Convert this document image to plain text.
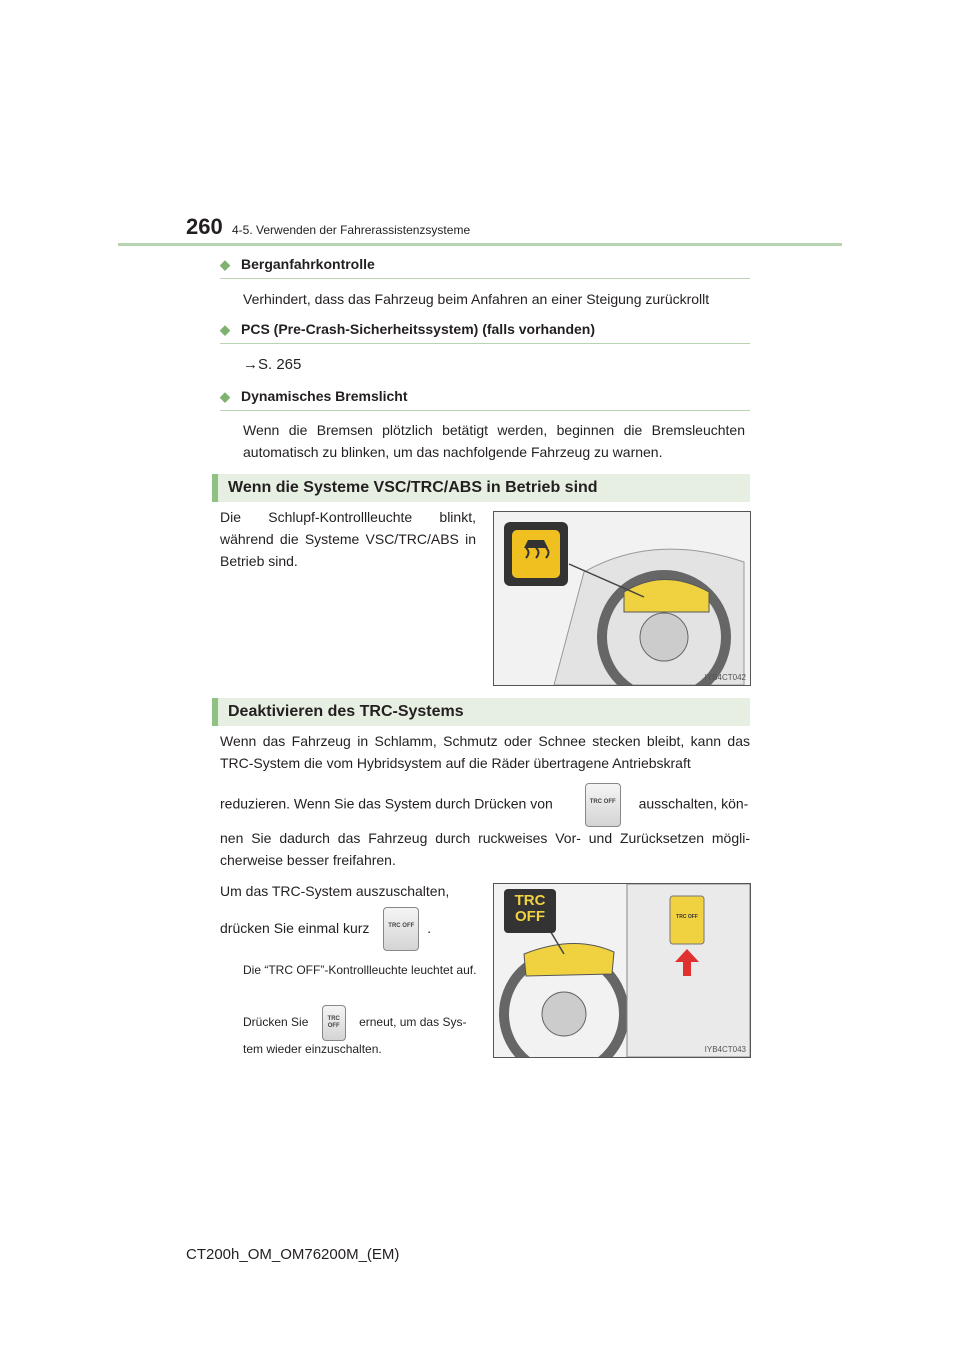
260 4-5. Verwenden der Fahrerassistenzsysteme
◆ Berganfahrkontrolle
Verhindert, dass das Fahrzeug beim Anfahren an einer Steigung zurückrollt
◆ PCS (Pre-Crash-Sicherheitssystem) (falls vorhanden)
→S. 265
◆ Dynamisches Bremslicht
Wenn die Bremsen plötzlich betätigt werden, beginnen die Bremsleuchten automatisch zu blinken, um das nachfolgende Fahrzeug zu warnen.
Wenn die Systeme VSC/TRC/ABS in Betrieb sind
Die Schlupf-Kontrollleuchte blinkt, während die Systeme VSC/TRC/ABS in Betrieb sind.
IYB4CT042
Deaktivieren des TRC-Systems
Wenn das Fahrzeug in Schlamm, Schmutz oder Schnee stecken bleibt, kann das TRC-System die vom Hybridsystem auf die Räder übertragene Antriebskraft
reduzieren. Wenn Sie das System durch Drücken von	TRC OFF ausschalten, kön-
nen Sie dadurch das Fahrzeug durch ruckweises Vor- und Zurücksetzen mögli-cherweise besser freifahren.
Um das TRC-System auszuschalten,
drücken Sie einmal kurz	TRC OFF .
Die “TRC OFF”-Kontrollleuchte leuchtet auf.
Drücken Sie	TRC OFF erneut, um das Sys-
tem wieder einzuschalten.
TRC
OFF	TRC OFF
IYB4CT043
CT200h_OM_OM76200M_(EM)
